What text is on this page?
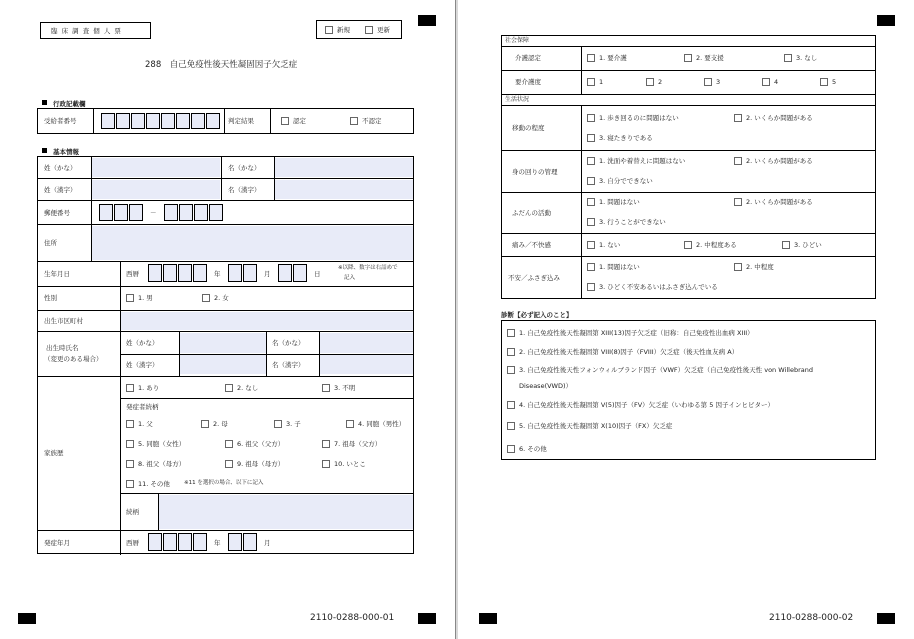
臨 床 調 査 個 人 票	新規	更新
288　自己免疫性後天性凝固因子欠乏症
行政記載欄
受給者番号	判定結果	認定	不認定
基本情報
姓（かな）	名（かな）
姓（漢字）	名（漢字）
郵便番号	－
住所
生年月日	西暦	年	月	日
※以降、数字は右詰めで
記入
性別	1. 男	2. 女
出生市区町村
出生時氏名
（変更のある場合）
姓（かな）	名（かな）
姓（漢字）	名（漢字）
家族歴
1. あり	2. なし	3. 不明
発症者続柄
1. 父	2. 母	3. 子	4. 同胞（男性）
5. 同胞（女性）	6. 祖父（父方）	7. 祖母（父方）
8. 祖父（母方）	9. 祖母（母方）	10. いとこ
11. その他	※11 を選択の場合、以下に記入
続柄
発症年月	西暦	年	月
2110-0288-000-01
社会保障
介護認定	1. 要介護	2. 要支援	3. なし
要介護度	1	2	3	4	5
生活状況
移動の程度
1. 歩き回るのに問題はない	2. いくらか問題がある
3. 寝たきりである
身の回りの管理
1. 洗面や着替えに問題はない	2. いくらか問題がある
3. 自分でできない
ふだんの活動
1. 問題はない	2. いくらか問題がある
3. 行うことができない
痛み／不快感	1. ない	2. 中程度ある	3. ひどい
不安／ふさぎ込み
1. 問題はない	2. 中程度
3. ひどく不安あるいはふさぎ込んでいる
診断【必ず記入のこと】
1. 自己免疫性後天性凝固第 XIII(13)因子欠乏症（旧称：自己免疫性出血病 XIII）
2. 自己免疫性後天性凝固第 VIII(8)因子（FVIII）欠乏症（後天性血友病 A）
3. 自己免疫性後天性フォンウィルブランド因子（VWF）欠乏症（自己免疫性後天性 von Willebrand
Disease(VWD)）
4. 自己免疫性後天性凝固第 V(5)因子（FV）欠乏症（いわゆる第 5 因子インヒビター）
5. 自己免疫性後天性凝固第 X(10)因子（FX）欠乏症
6. その他
2110-0288-000-02
